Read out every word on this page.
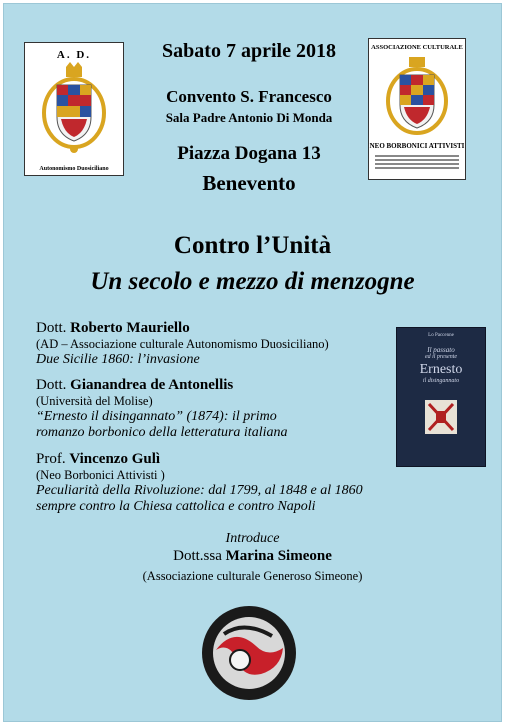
A. D.
Autonomismo Duosiciliano
Sabato 7 aprile 2018
Convento S. Francesco
Sala Padre Antonio Di Monda
Piazza Dogana 13
Benevento
ASSOCIAZIONE CULTURALE
NEO BORBONICI ATTIVISTI
Contro l’Unità
Un secolo e mezzo di menzogne
Dott. Roberto Mauriello
(AD – Associazione culturale Autonomismo Duosiciliano)
Due Sicilie 1860: l’invasione
Dott. Gianandrea de Antonellis
(Università del Molise)
“Ernesto il disingannato” (1874): il primo
romanzo borbonico della letteratura italiana
Lo Paccenne
Il passato
ed il presente
Ernesto
il disingannato
Prof. Vincenzo Gulì
(Neo Borbonici Attivisti )
Peculiarità della Rivoluzione: dal 1799, al 1848 e al 1860
sempre contro la Chiesa cattolica e contro Napoli
Introduce
Dott.ssa Marina Simeone
(Associazione culturale Generoso Simeone)
